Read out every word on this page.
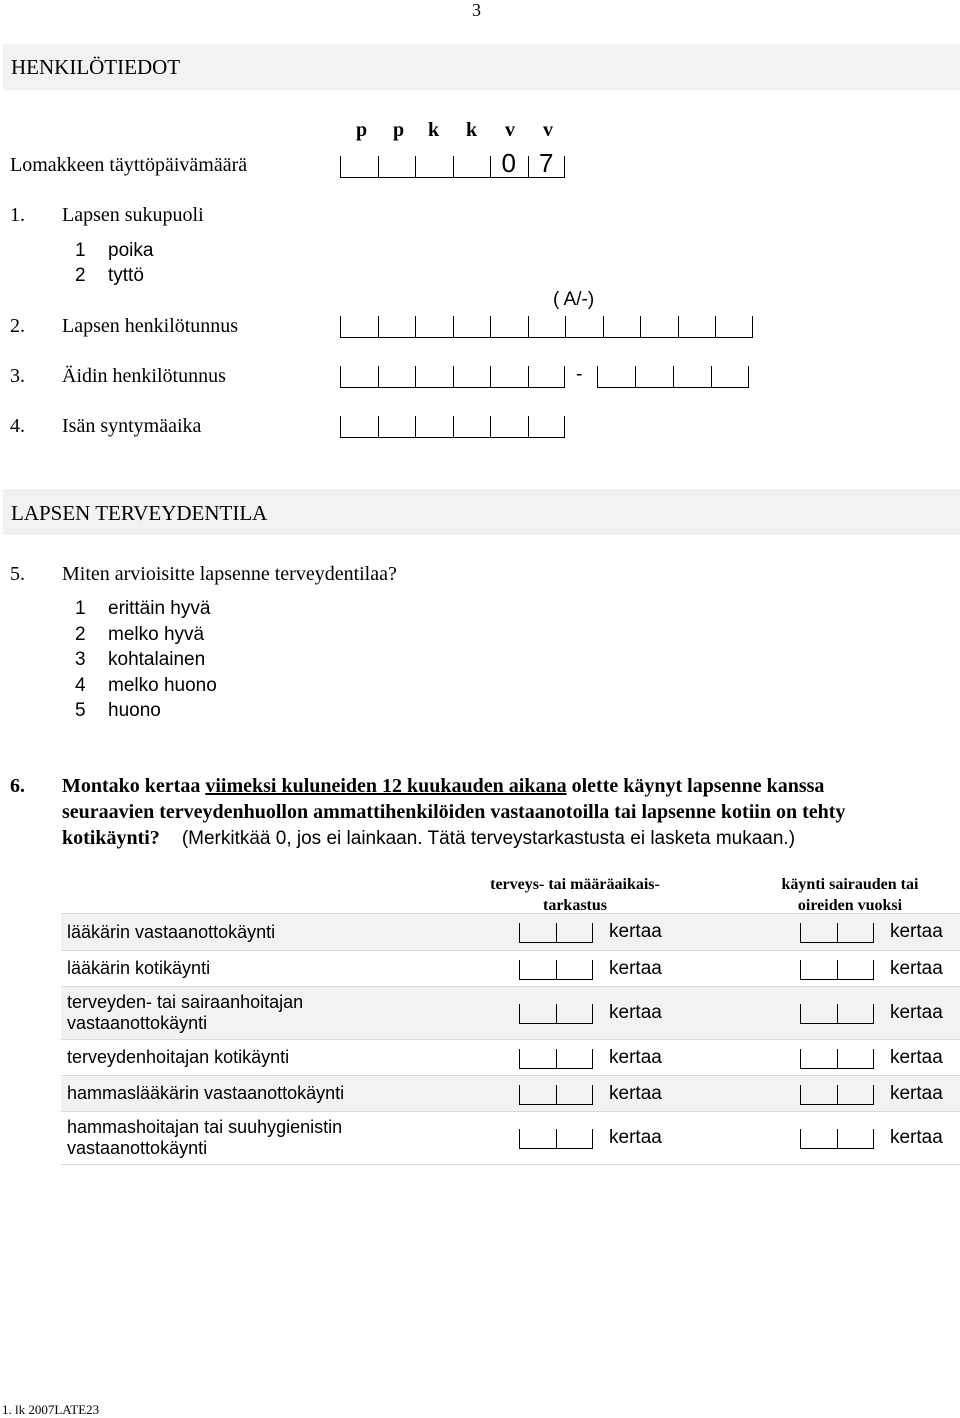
3
HENKILÖTIEDOT
p p k k v v
Lomakkeen täyttöpäivämäärä	0 7
1. Lapsen sukupuoli
1 poika
2 tyttö
( A/-)
2. Lapsen henkilötunnus
3. Äidin henkilötunnus	-
4. Isän syntymäaika
LAPSEN TERVEYDENTILA
5. Miten arvioisitte lapsenne terveydentilaa?
1 erittäin hyvä
2 melko hyvä
3 kohtalainen
4 melko huono
5 huono
6. Montako kertaa viimeksi kuluneiden 12 kuukauden aikana olette käynyt lapsenne kanssa
seuraavien terveydenhuollon ammattihenkilöiden vastaanotoilla tai lapsenne kotiin on tehty
kotikäynti? (Merkitkää 0, jos ei lainkaan. Tätä terveystarkastusta ei lasketa mukaan.)
terveys- tai määräaikais-
tarkastus
käynti sairauden tai
oireiden vuoksi
lääkärin vastaanottokäynti	kertaa	kertaa

lääkärin kotikäynti	kertaa	kertaa

terveyden- tai sairaanhoitajan
vastaanottokäynti	kertaa	kertaa

terveydenhoitajan kotikäynti	kertaa	kertaa

hammaslääkärin vastaanottokäynti	kertaa	kertaa

hammashoitajan tai suuhygienistin
vastaanottokäynti	kertaa	kertaa
1. lk 2007LATE23
